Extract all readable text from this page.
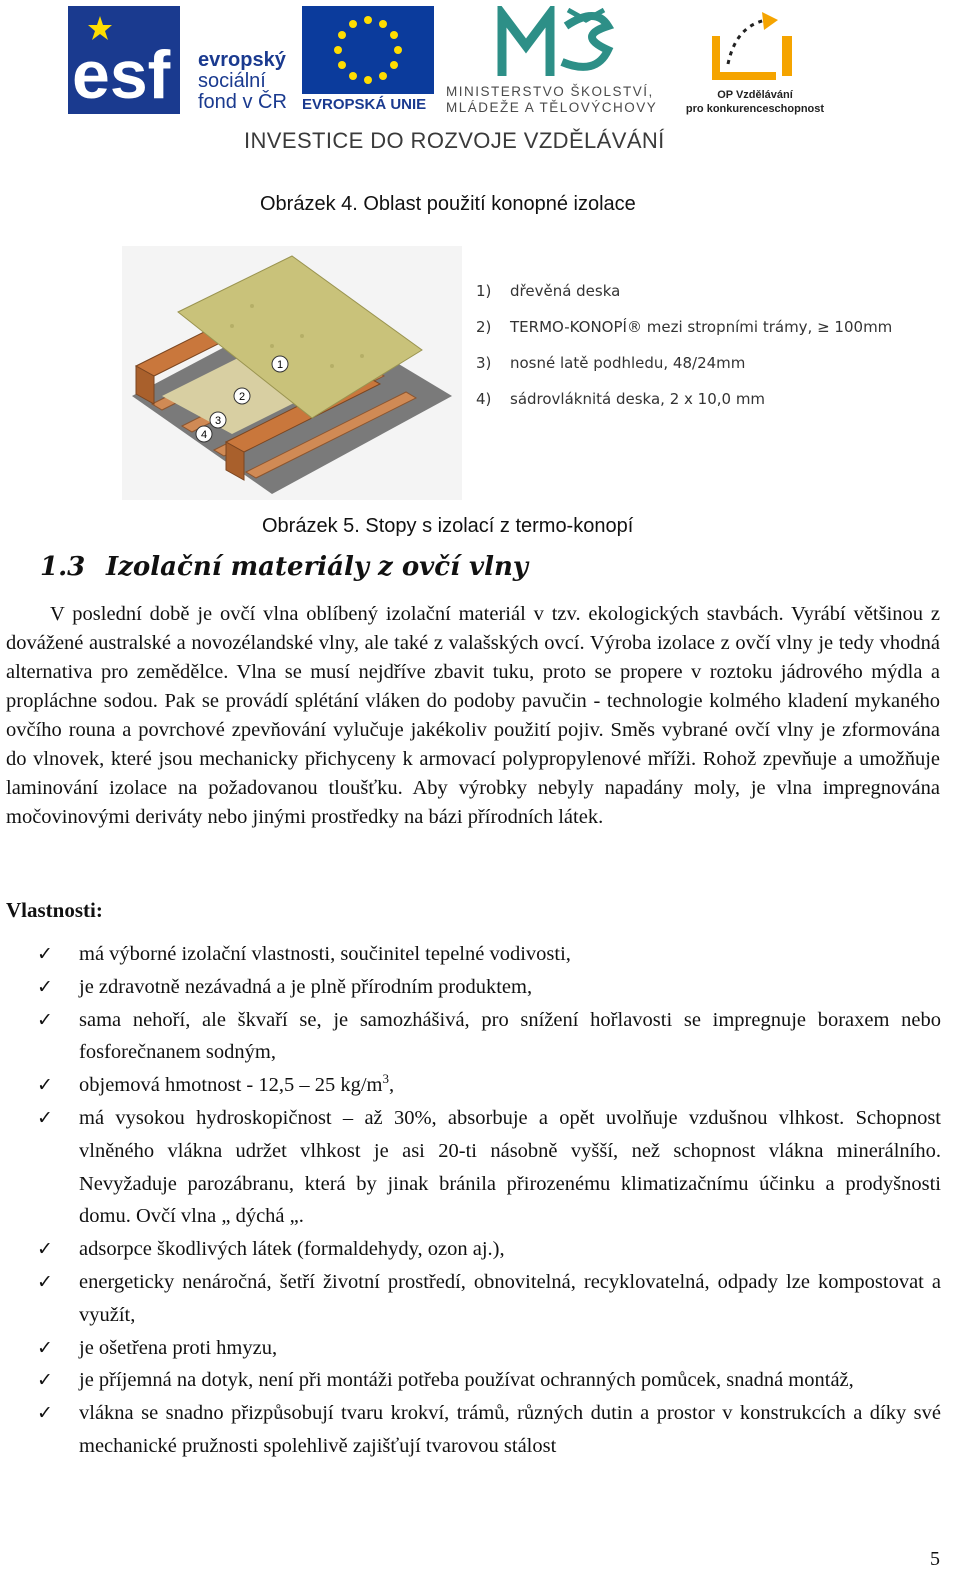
esf evropský
sociální
fond v ČR EVROPSKÁ UNIE
MINISTERSTVO ŠKOLSTVÍ,
MLÁDEŽE A TĚLOVÝCHOVY
OP Vzdělávání
pro konkurenceschopnost
INVESTICE DO ROZVOJE VZDĚLÁVÁNÍ
Obrázek 4. Oblast použití konopné izolace
1
2
3
4
1) dřevěná deska
2) TERMO-KONOPÍ® mezi stropními trámy, ≥ 100mm
3) nosné latě podhledu, 48/24mm
4) sádrovláknitá deska, 2 x 10,0 mm
Obrázek 5. Stopy s izolací z termo-konopí
1.3 Izolační materiály z ovčí vlny

V poslední době je ovčí vlna oblíbený izolační materiál v tzv. ekologických stavbách. Vyrábí většinou z dovážené australské a novozélandské vlny, ale také z valašských ovcí. Výroba izolace z ovčí vlny je tedy vhodná alternativa pro zemědělce. Vlna se musí nejdříve zbavit tuku, proto se propere v roztoku jádrového mýdla a propláchne sodou. Pak se provádí splétání vláken do podoby pavučin - technologie kolmého kladení mykaného ovčího rouna a povrchové zpevňování vylučuje jakékoliv použití pojiv. Směs vybrané ovčí vlny je zformována do vlnovek, které jsou mechanicky přichyceny k armovací polypropylenové mříži. Rohož zpevňuje a umožňuje laminování izolace na požadovanou tloušťku. Aby výrobky nebyly napadány moly, je vlna impregnována močovinovými deriváty nebo jinými prostředky na bázi přírodních látek.

Vlastnosti:
✓ má výborné izolační vlastnosti, součinitel tepelné vodivosti,
✓ je zdravotně nezávadná a je plně přírodním produktem,
✓ sama nehoří, ale škvaří se, je samozhášivá, pro snížení hořlavosti se impregnuje boraxem nebo fosforečnanem sodným,
✓ objemová hmotnost - 12,5 – 25 $kg/m^3$,
✓ má vysokou hydroskopičnost – až 30%, absorbuje a opět uvolňuje vzdušnou vlhkost. Schopnost vlněného vlákna udržet vlhkost je asi 20-ti násobně vyšší, než schopnost vlákna minerálního. Nevyžaduje parozábranu, která by jinak bránila přirozenému klimatizačnímu účinku a prodyšnosti domu. Ovčí vlna „ dýchá „.
✓ adsorpce škodlivých látek (formaldehydy, ozon aj.),
✓ energeticky nenáročná, šetří životní prostředí, obnovitelná, recyklovatelná, odpady lze kompostovat a využít,
✓ je ošetřena proti hmyzu,
✓ je příjemná na dotyk, není při montáži potřeba používat ochranných pomůcek, snadná montáž,
✓ vlákna se snadno přizpůsobují tvaru krokví, trámů, různých dutin a prostor v konstrukcích a díky své mechanické pružnosti spolehlivě zajišťují tvarovou stálost
5
